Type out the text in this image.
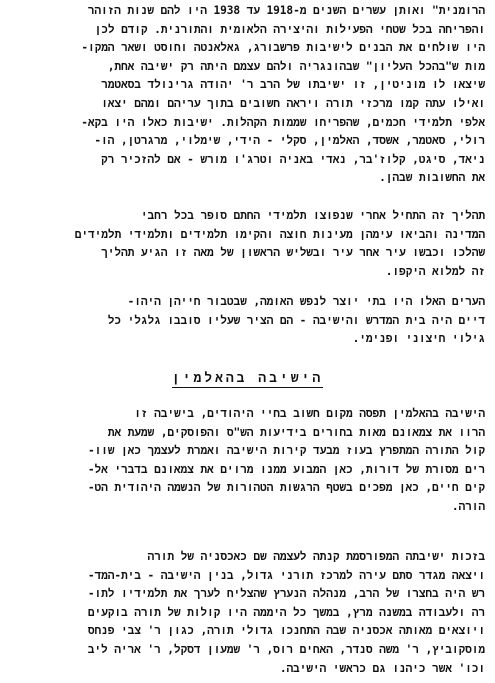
הרומנית" ואותן עשרים השנים מ-1918 עד 1938 היו להם שנות הזוהר
והפריחה בכל שטחי הפעילות והיצירה הלאומית והתורנית. קודם לכן
היו שולחים את הבנים לישיבות פרשבורג, גאלאנטה וחוסט ושאר המקו-
מות ש"בהכל העליון" שבהונגריה ולהם עצמם היתה רק ישיבה אחת,
שיצאו לו מוניטין, זו ישיבתו של הרב ר' יהודה גרינולד בסאטמר
ואילו עתה קמו מרכזי תורה ויראה חשובים בתוך עריהם ומהם יצאו
אלפי תלמידי חכמים, שהפריחו שממות הקהלות. ישיבות כאלו היו בקא-
רולי, סאטמר, אשסד, האלמין, סקלי - הידי, שימלוי, מרגרטן, הו-
ניאד, סיגט, קלוז'בר, נאדי באניה וטרג'ו מורש - אם להזכיר רק
את החשובות שבהן.
תהליך זה התחיל אחרי שנפוצו תלמידי החתם סופר בכל רחבי
המדינה והביאו עימהן מעינות חוצה והקימו תלמידים ותלמידי תלמידים
שהלכו וכבשו עיר אחר עיר ובשליש הראשון של מאה זו הגיע תהליך
זה למלוא היקפו.
הערים האלו היו בתי יוצר לנפש האומה, שבטבור חייהן היהו-
דיים היה בית המדרש והישיבה - הם הציר שעליו סובבו גלגלי כל
גילוי חיצוני ופנימי.
הישיבה בהאלמין
הישיבה בהאלמין תפסה מקום חשוב בחיי היהודים, בישיבה זו
הרוו את צמאונם מאות בחורים בידיעות הש"ס והפוסקים, שמעת את
קול התורה המתפרץ בעוז מבעד קירות הישיבה ואמרת לעצמך כאן שוו-
רים מסורת של דורות, כאן המבוע ממנו מרוים את צמאונם בדברי אל-
קים חיים, כאן מפכים בשטף הרגשות הטהורות של הנשמה היהודית הט-
הורה.
בזכות ישיבתה המפורסמת קנתה לעצמה שם כאכסניה של תורה
ויצאה מגדר סתם עירה למרכז תורני גדול, בנין הישיבה - בית-המד-
רש היה בחצרו של הרב, מנהלה הנערץ שהצליח לערך את תלמידיו לתו-
רה ולעבודה במשנה מרץ, במשך כל היממה היו קולות של תורה בוקעים
ויוצאים מאותה אכסניה שבה התחנכו גדולי תורה, כגון ר' צבי פנחס
מוסקוביץ, ר' משה סנדר, האחים רוס, ר' שמעון דסקל, ר' אריה ליב
וכו' אשר כיהנו גם כראשי הישיבה.
